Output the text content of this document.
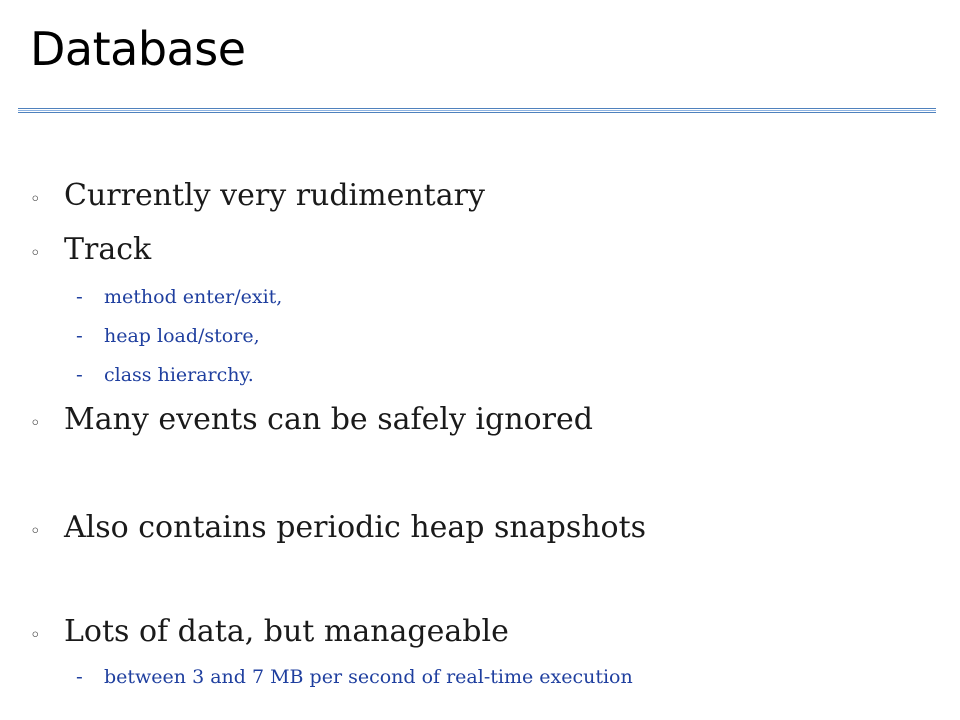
Database
◦ Currently very rudimentary
◦ Track
-	method enter/exit,
-	heap load/store,
-	class hierarchy.
◦ Many events can be safely ignored
◦ Also contains periodic heap snapshots
◦ Lots of data, but manageable
-	between 3 and 7 MB per second of real-time execution
